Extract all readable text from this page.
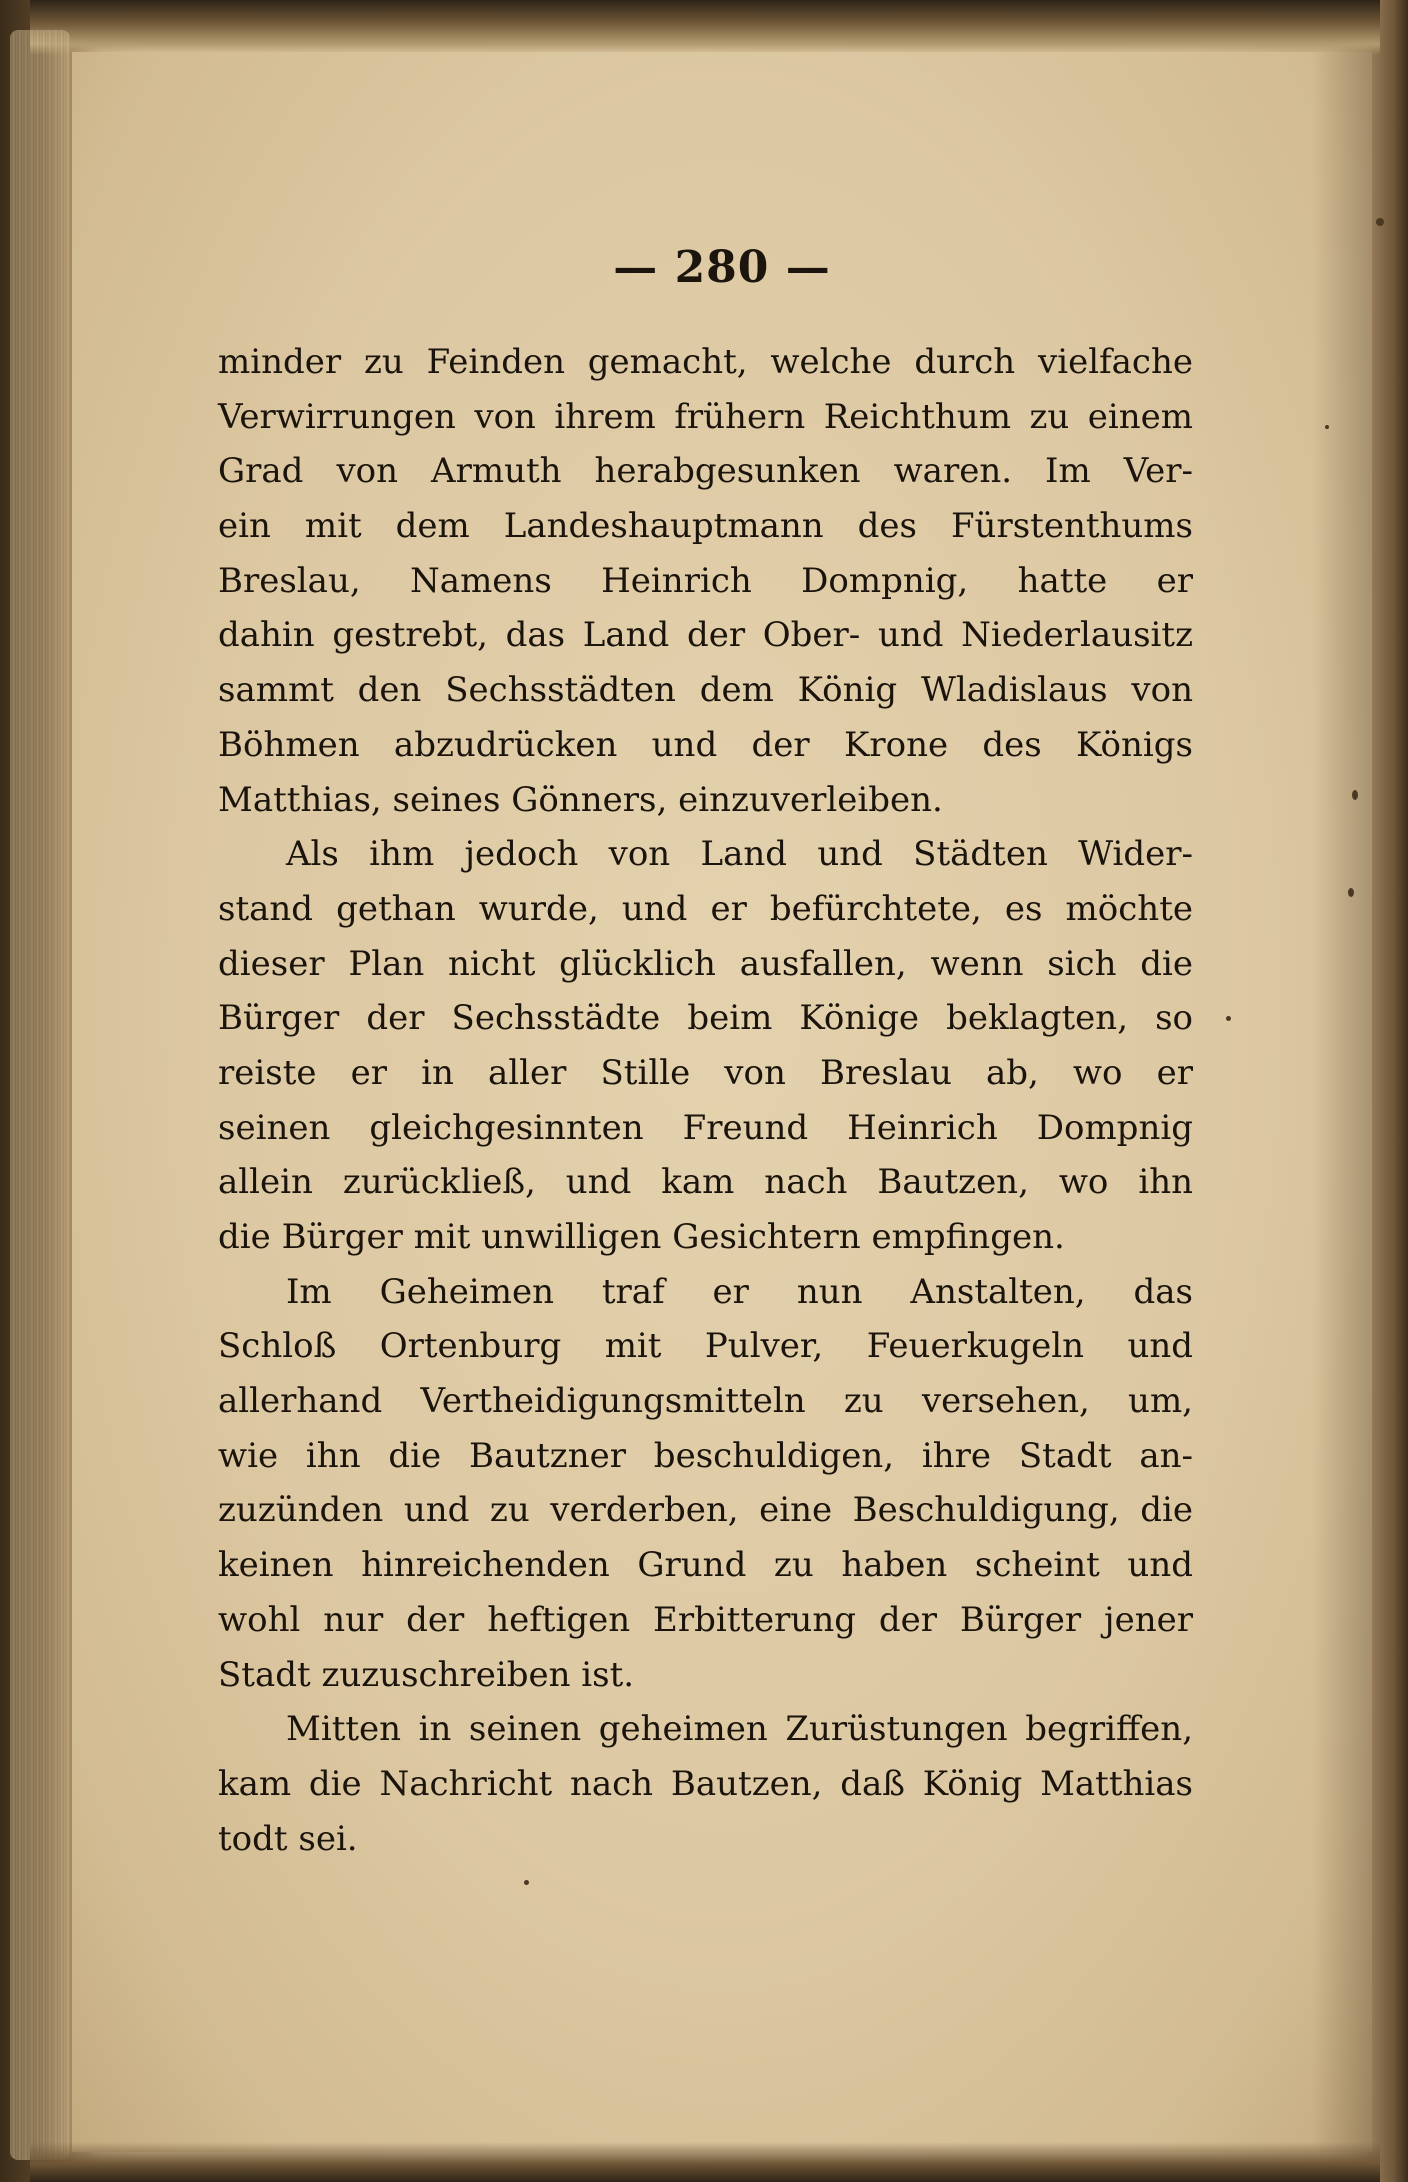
— 280 —
minder zu Feinden gemacht, welche durch vielfache
Verwirrungen von ihrem frühern Reichthum zu einem
Grad von Armuth herabgesunken waren. Im Ver-
ein mit dem Landeshauptmann des Fürstenthums
Breslau, Namens Heinrich Dompnig, hatte er
dahin gestrebt, das Land der Ober- und Niederlausitz
sammt den Sechsstädten dem König Wladislaus von
Böhmen abzudrücken und der Krone des Königs
Matthias, seines Gönners, einzuverleiben.
Als ihm jedoch von Land und Städten Wider-
stand gethan wurde, und er befürchtete, es möchte
dieser Plan nicht glücklich ausfallen, wenn sich die
Bürger der Sechsstädte beim Könige beklagten, so
reiste er in aller Stille von Breslau ab, wo er
seinen gleichgesinnten Freund Heinrich Dompnig
allein zurückließ, und kam nach Bautzen, wo ihn
die Bürger mit unwilligen Gesichtern empfingen.
Im Geheimen traf er nun Anstalten, das
Schloß Ortenburg mit Pulver, Feuerkugeln und
allerhand Vertheidigungsmitteln zu versehen, um,
wie ihn die Bautzner beschuldigen, ihre Stadt an-
zuzünden und zu verderben, eine Beschuldigung, die
keinen hinreichenden Grund zu haben scheint und
wohl nur der heftigen Erbitterung der Bürger jener
Stadt zuzuschreiben ist.
Mitten in seinen geheimen Zurüstungen begriffen,
kam die Nachricht nach Bautzen, daß König Matthias
todt sei.
